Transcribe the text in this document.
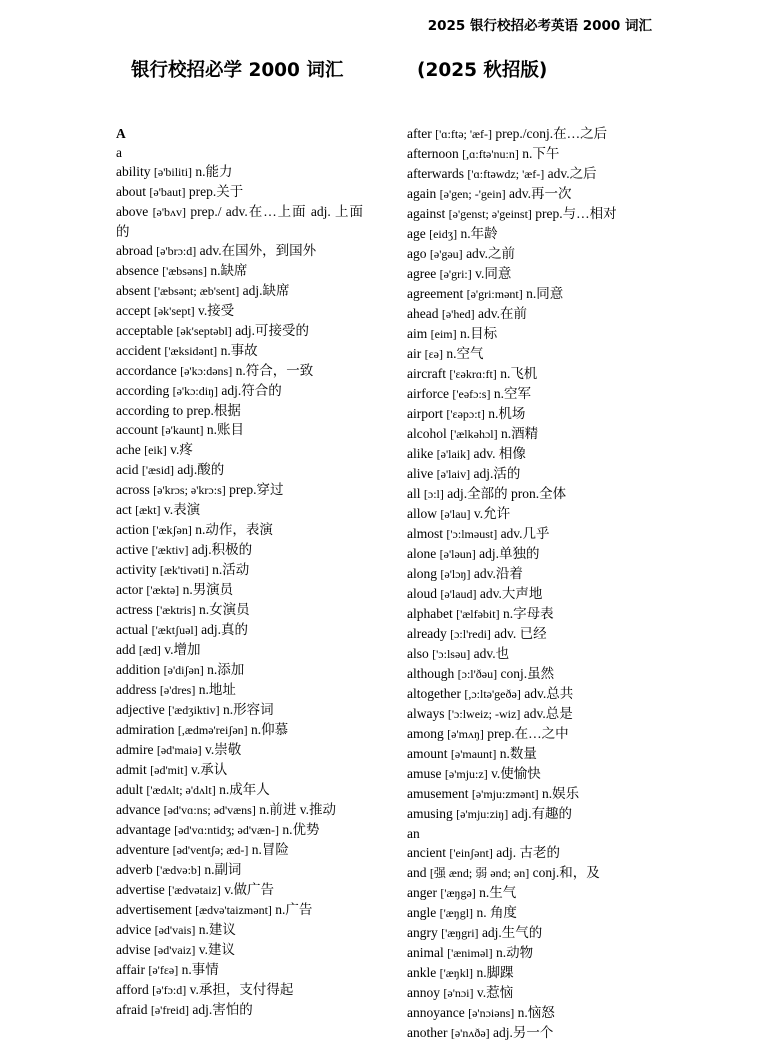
2025 银行校招必考英语 2000 词汇
银行校招必学 2000 词汇	(2025 秋招版)
A
a
ability [ə'biliti] n.能力
about [ə'baut] prep.关于
above [ə'bʌv] prep./ adv.在…上面 adj. 上面的
abroad [ə'brɔ:d] adv.在国外，到国外
absence ['æbsəns] n.缺席
absent ['æbsənt; æb'sent] adj.缺席
accept [ək'sept] v.接受
acceptable [ək'septəbl] adj.可接受的
accident ['æksidənt] n.事故
accordance [ə'kɔ:dəns] n.符合，一致
according [ə'kɔ:diŋ] adj.符合的
according to prep.根据
account [ə'kaunt] n.账目
ache [eik] v.疼
acid ['æsid] adj.酸的
across [ə'krɔs; ə'krɔ:s] prep.穿过
act [ækt] v.表演
action ['ækʃən] n.动作，表演
active ['æktiv] adj.积极的
activity [æk'tivəti] n.活动
actor ['æktə] n.男演员
actress ['æktris] n.女演员
actual ['æktʃuəl] adj.真的
add [æd] v.增加
addition [ə'diʃən] n.添加
address [ə'dres] n.地址
adjective ['ædʒiktiv] n.形容词
admiration [,ædmə'reiʃən] n.仰慕
admire [əd'maiə] v.崇敬
admit [əd'mit] v.承认
adult ['ædʌlt; ə'dʌlt] n.成年人
advance [əd'vɑ:ns; əd'væns] n.前进 v.推动
advantage [əd'vɑ:ntidʒ; əd'væn-] n.优势
adventure [əd'ventʃə; æd-] n.冒险
adverb ['ædvə:b] n.副词
advertise ['ædvətaiz] v.做广告
advertisement [ædvə'taizmənt] n.广告
advice [əd'vais] n.建议
advise [əd'vaiz] v.建议
affair [ə'fɛə] n.事情
afford [ə'fɔ:d] v.承担，支付得起
afraid [ə'freid] adj.害怕的
after ['ɑ:ftə; 'æf-] prep./conj.在…之后
afternoon [,ɑ:ftə'nu:n] n.下午
afterwards ['ɑ:ftəwdz; 'æf-] adv.之后
again [ə'gen; -'gein] adv.再一次
against [ə'genst; ə'geinst] prep.与…相对
age [eidʒ] n.年龄
ago [ə'gəu] adv.之前
agree [ə'gri:] v.同意
agreement [ə'gri:mənt] n.同意
ahead [ə'hed] adv.在前
aim [eim] n.目标
air [ɛə] n.空气
aircraft ['ɛəkrɑ:ft] n.飞机
airforce ['eəfɔ:s] n.空军
airport ['ɛəpɔ:t] n.机场
alcohol ['ælkəhɔl] n.酒精
alike [ə'laik] adv. 相像
alive [ə'laiv] adj.活的
all [ɔ:l] adj.全部的 pron.全体
allow [ə'lau] v.允许
almost ['ɔ:lməust] adv.几乎
alone [ə'ləun] adj.单独的
along [ə'lɔŋ] adv.沿着
aloud [ə'laud] adv.大声地
alphabet ['ælfəbit] n.字母表
already [ɔ:l'redi] adv. 已经
also ['ɔ:lsəu] adv.也
although [ɔ:l'ðəu] conj.虽然
altogether [,ɔ:ltə'geðə] adv.总共
always ['ɔ:lweiz; -wiz] adv.总是
among [ə'mʌŋ] prep.在…之中
amount [ə'maunt] n.数量
amuse [ə'mju:z] v.使愉快
amusement [ə'mju:zmənt] n.娱乐
amusing [ə'mju:ziŋ] adj.有趣的
an
ancient ['einʃənt] adj. 古老的
and [强 ænd; 弱 ənd; ən] conj.和，及
anger ['æŋgə] n.生气
angle ['æŋgl] n. 角度
angry ['æŋgri] adj.生气的
animal ['æniməl] n.动物
ankle ['æŋkl] n.脚踝
annoy [ə'nɔi] v.惹恼
annoyance [ə'nɔiəns] n.恼怒
another [ə'nʌðə] adj.另一个
